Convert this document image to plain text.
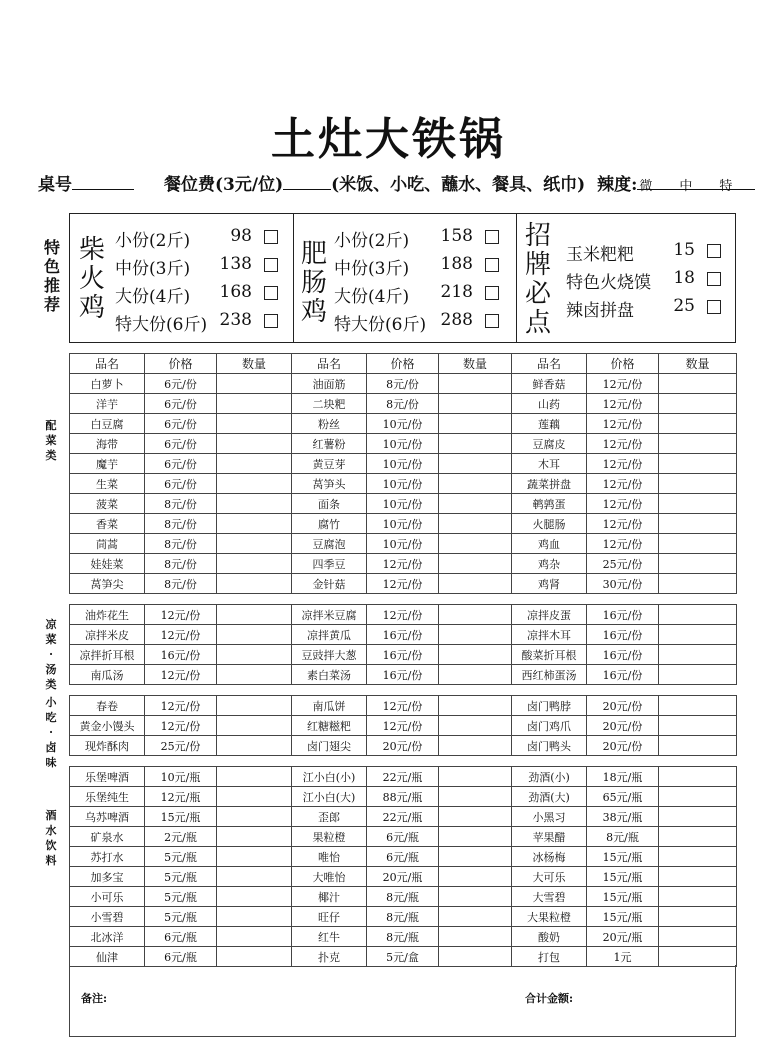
土灶大铁锅
桌号	餐位费(3元/位)	(米饭、小吃、蘸水、餐具、纸巾) 辣度: 微 中 特
特色
推荐
柴
火
鸡
小份(2斤) 98
中份(3斤) 138
大份(4斤) 168
特大份(6斤) 238
肥
肠
鸡
小份(2斤) 158
中份(3斤) 188
大份(4斤) 218
特大份(6斤) 288
招
牌
必
点
玉米粑粑 15
特色火烧馍 18
辣卤拼盘 25
品名	价格	数量	品名	价格	数量	品名	价格	数量
白萝卜	6元/份		油面筋	8元/份		鲜香菇	12元/份	
洋芋	6元/份		二块粑	8元/份		山药	12元/份	
白豆腐	6元/份		粉丝	10元/份		莲藕	12元/份	
海带	6元/份		红薯粉	10元/份		豆腐皮	12元/份	
魔芋	6元/份		黄豆芽	10元/份		木耳	12元/份	
生菜	6元/份		莴笋头	10元/份		蔬菜拼盘	12元/份	
菠菜	8元/份		面条	10元/份		鹌鹑蛋	12元/份	
香菜	8元/份		腐竹	10元/份		火腿肠	12元/份	
茼蒿	8元/份		豆腐泡	10元/份		鸡血	12元/份	
娃娃菜	8元/份		四季豆	12元/份		鸡杂	25元/份	
莴笋尖	8元/份		金针菇	12元/份		鸡肾	30元/份	
配
菜
类
油炸花生	12元/份		凉拌米豆腐	12元/份		凉拌皮蛋	16元/份	
凉拌米皮	12元/份		凉拌黄瓜	16元/份		凉拌木耳	16元/份	
凉拌折耳根	16元/份		豆豉拌大葱	16元/份		酸菜折耳根	16元/份	
南瓜汤	12元/份		素白菜汤	16元/份		西红柿蛋汤	16元/份	
凉
菜
·
汤
类
春卷	12元/份		南瓜饼	12元/份		卤门鸭脖	20元/份	
黄金小馒头	12元/份		红糖糍粑	12元/份		卤门鸡爪	20元/份	
现炸酥肉	25元/份		卤门翅尖	20元/份		卤门鸭头	20元/份	
小
吃
·
卤
味
乐堡啤酒	10元/瓶		江小白(小)	22元/瓶		劲酒(小)	18元/瓶	
乐堡纯生	12元/瓶		江小白(大)	88元/瓶		劲酒(大)	65元/瓶	
乌苏啤酒	15元/瓶		歪郎	22元/瓶		小黑习	38元/瓶	
矿泉水	2元/瓶		果粒橙	6元/瓶		苹果醋	8元/瓶	
苏打水	5元/瓶		唯怡	6元/瓶		冰杨梅	15元/瓶	
加多宝	5元/瓶		大唯怡	20元/瓶		大可乐	15元/瓶	
小可乐	5元/瓶		椰汁	8元/瓶		大雪碧	15元/瓶	
小雪碧	5元/瓶		旺仔	8元/瓶		大果粒橙	15元/瓶	
北冰洋	6元/瓶		红牛	8元/瓶		酸奶	20元/瓶	
仙津	6元/瓶		扑克	5元/盒		打包	1元	
酒
水
饮
料
备注:	合计金额:
